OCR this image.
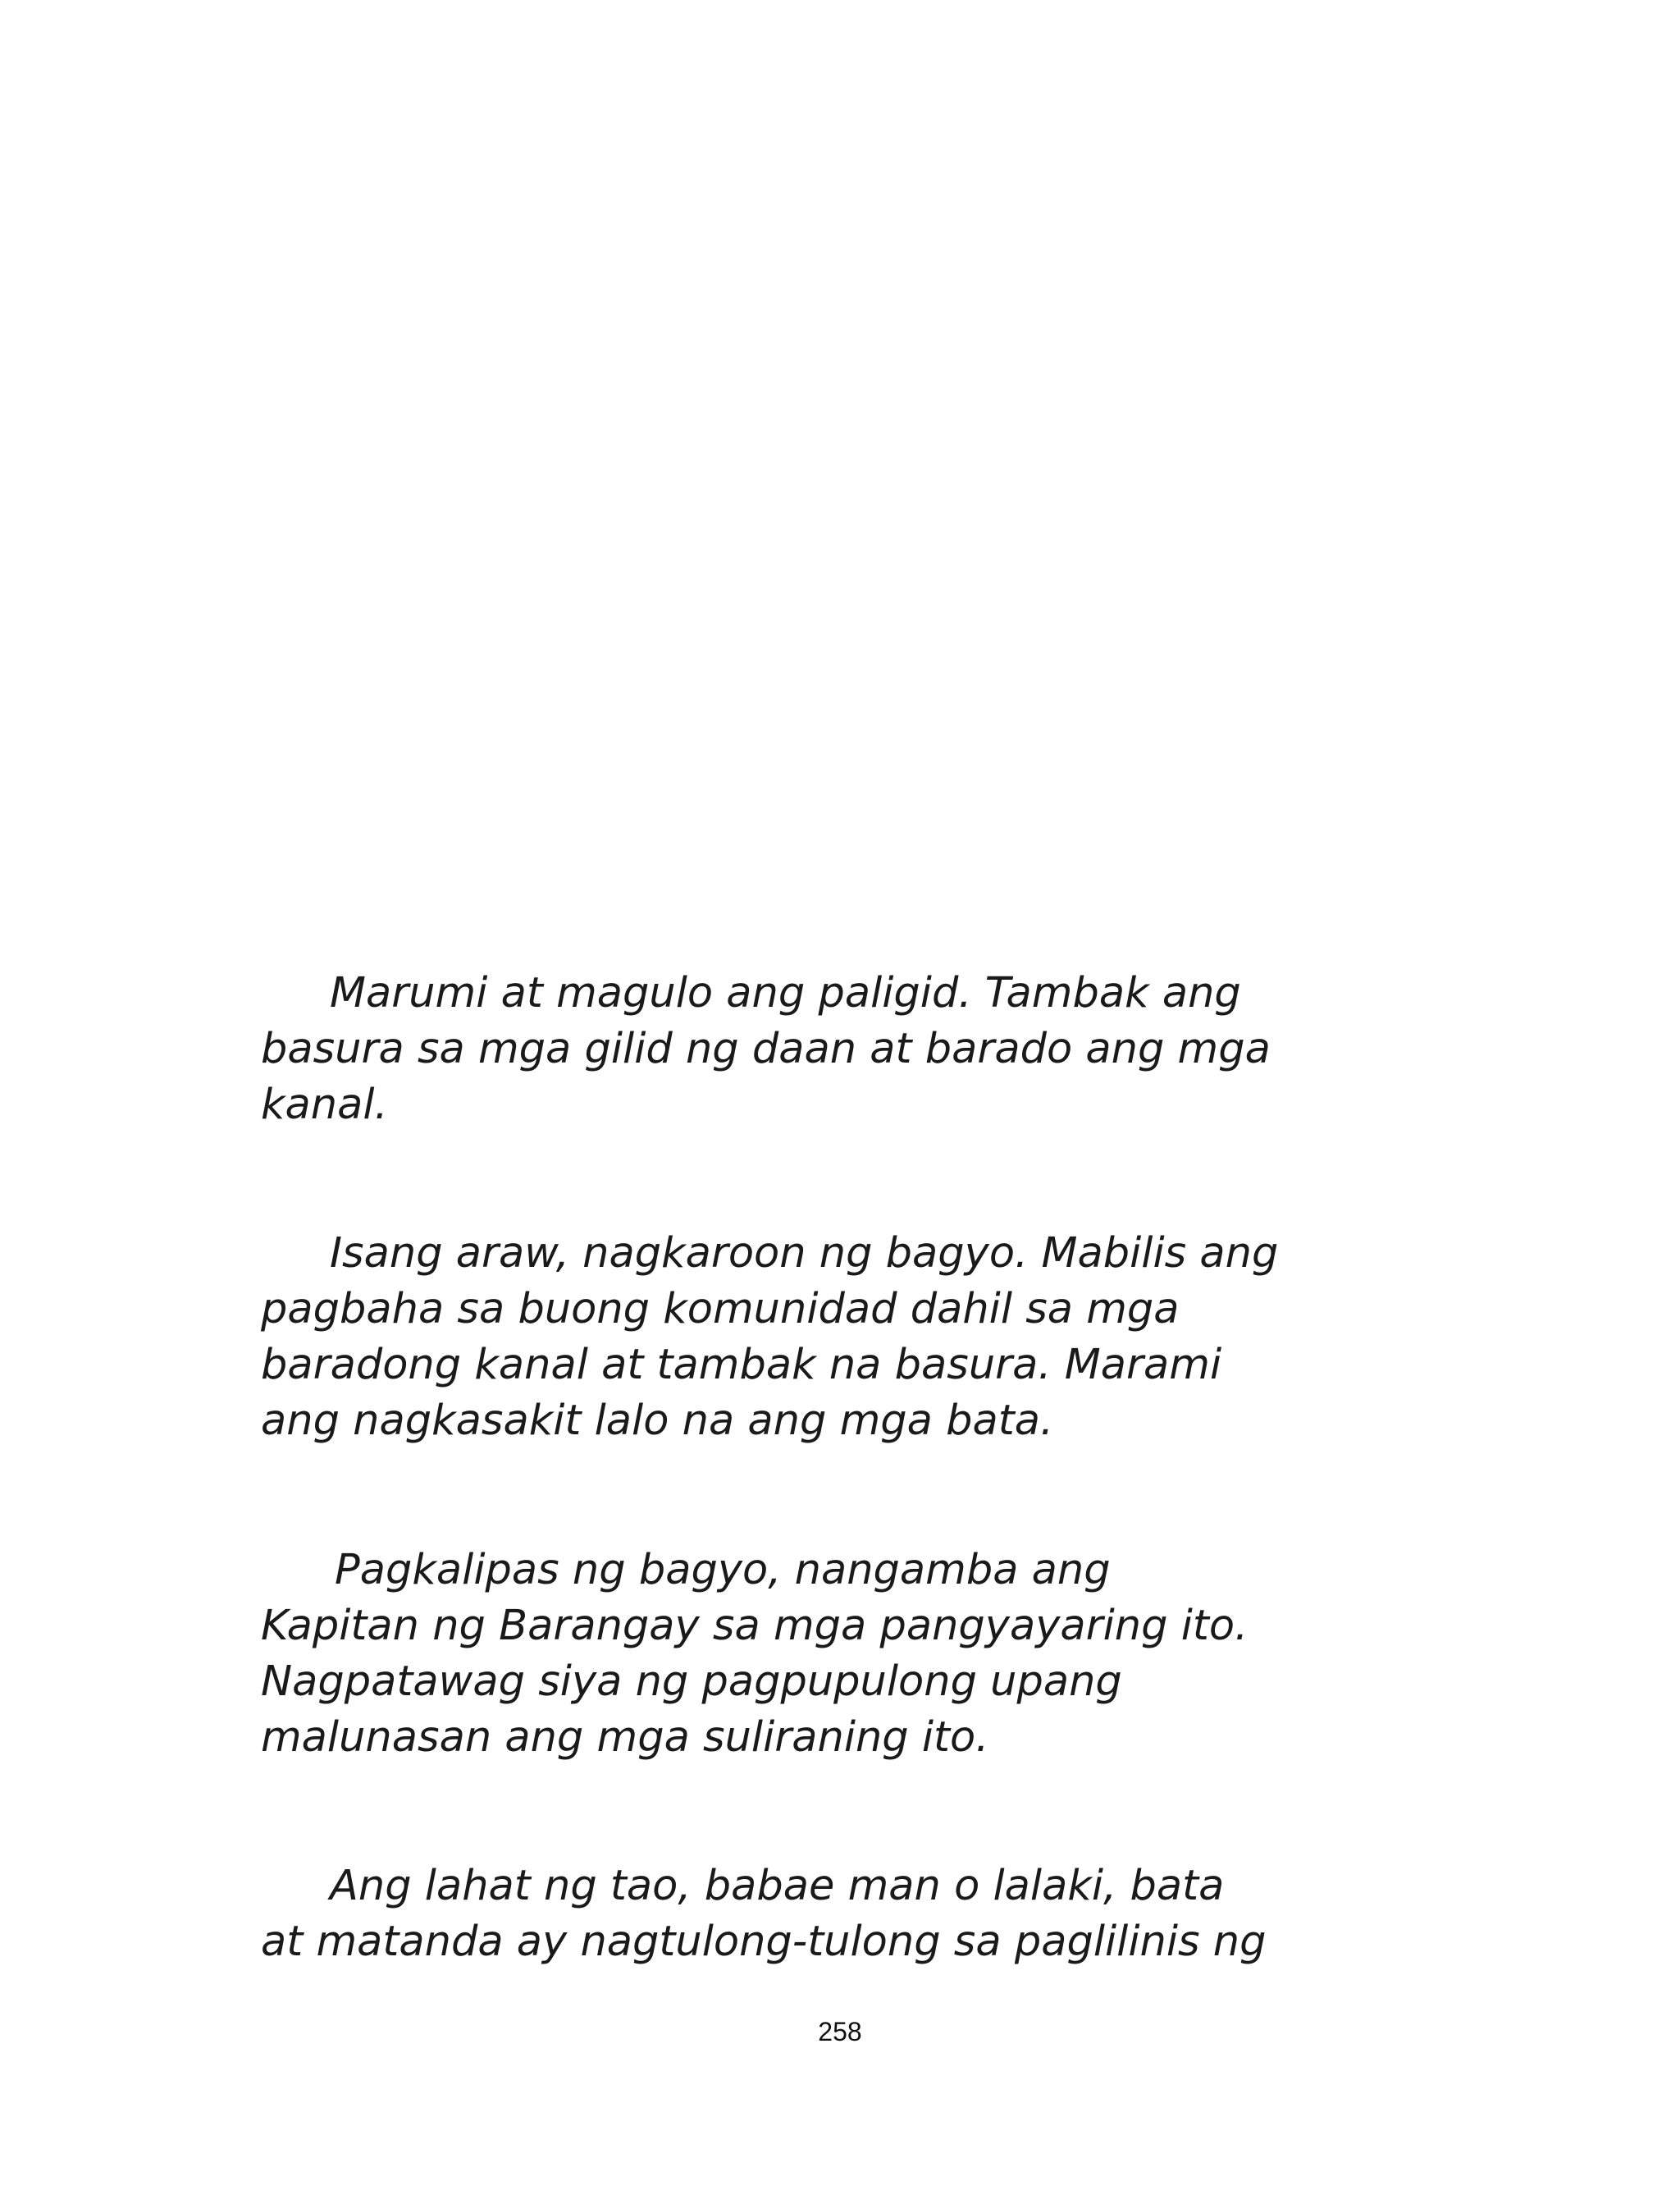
Marumi at magulo ang paligid. Tambak ang
basura sa mga gilid ng daan at barado ang mga
kanal.
Isang araw, nagkaroon ng bagyo. Mabilis ang
pagbaha sa buong komunidad dahil sa mga
baradong kanal at tambak na basura. Marami
ang nagkasakit lalo na ang mga bata.
Pagkalipas ng bagyo, nangamba ang
Kapitan ng Barangay sa mga pangyayaring ito.
Nagpatawag siya ng pagpupulong upang
malunasan ang mga suliraning ito.
Ang lahat ng tao, babae man o lalaki, bata
at matanda ay nagtulong-tulong sa paglilinis ng
258
